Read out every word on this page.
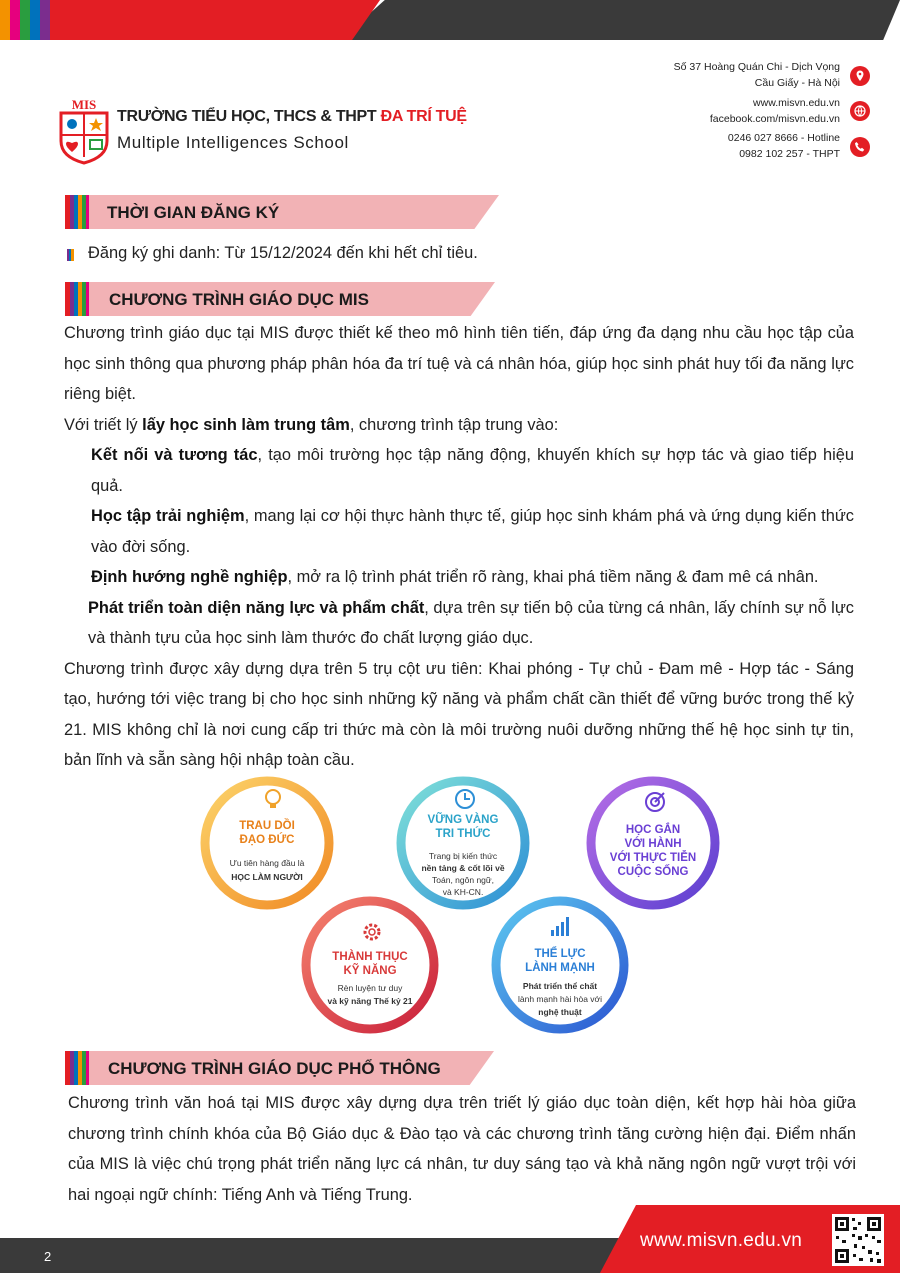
MIS
TRƯỜNG TIỂU HỌC, THCS & THPT ĐA TRÍ TUỆ
Multiple Intelligences School
Số 37 Hoàng Quán Chi - Dịch Vọng
Cầu Giấy - Hà Nội
www.misvn.edu.vn
facebook.com/misvn.edu.vn
0246 027 8666 - Hotline
0982 102 257 - THPT
THỜI GIAN ĐĂNG KÝ
Đăng ký ghi danh: Từ 15/12/2024 đến khi hết chỉ tiêu.
CHƯƠNG TRÌNH GIÁO DỤC MIS

Chương trình giáo dục tại MIS được thiết kế theo mô hình tiên tiến, đáp ứng đa dạng nhu cầu học tập của học sinh thông qua phương pháp phân hóa đa trí tuệ và cá nhân hóa, giúp học sinh phát huy tối đa năng lực riêng biệt.

Với triết lý lấy học sinh làm trung tâm, chương trình tập trung vào:

Kết nối và tương tác, tạo môi trường học tập năng động, khuyến khích sự hợp tác và giao tiếp hiệu quả.

Học tập trải nghiệm, mang lại cơ hội thực hành thực tế, giúp học sinh khám phá và ứng dụng kiến thức vào đời sống.

Định hướng nghề nghiệp, mở ra lộ trình phát triển rõ ràng, khai phá tiềm năng & đam mê cá nhân.

Phát triển toàn diện năng lực và phẩm chất, dựa trên sự tiến bộ của từng cá nhân, lấy chính sự nỗ lực và thành tựu của học sinh làm thước đo chất lượng giáo dục.

Chương trình được xây dựng dựa trên 5 trụ cột ưu tiên: Khai phóng - Tự chủ - Đam mê - Hợp tác - Sáng tạo, hướng tới việc trang bị cho học sinh những kỹ năng và phẩm chất cần thiết để vững bước trong thế kỷ 21. MIS không chỉ là nơi cung cấp tri thức mà còn là môi trường nuôi dưỡng những thế hệ học sinh tự tin, bản lĩnh và sẵn sàng hội nhập toàn cầu.

TRAU DỒI
ĐẠO ĐỨC
Ưu tiên hàng đầu là
HỌC LÀM NGƯỜI
VỮNG VÀNG
TRI THỨC
Trang bị kiến thức
nền tảng & cốt lõi về
Toán, ngôn ngữ,
và KH-CN.
HỌC GẮN
VỚI HÀNH
VỚI THỰC TIỄN
CUỘC SỐNG
THÀNH THỤC
KỸ NĂNG
Rèn luyện tư duy
và kỹ năng Thế kỷ 21
THỂ LỰC
LÀNH MẠNH
Phát triển thể chất
lành mạnh hài hòa với
nghệ thuật
CHƯƠNG TRÌNH GIÁO DỤC PHỔ THÔNG
Chương trình văn hoá tại MIS được xây dựng dựa trên triết lý giáo dục toàn diện, kết hợp hài hòa giữa chương trình chính khóa của Bộ Giáo dục & Đào tạo và các chương trình tăng cường hiện đại. Điểm nhấn của MIS là việc chú trọng phát triển năng lực cá nhân, tư duy sáng tạo và khả năng ngôn ngữ vượt trội với hai ngoại ngữ chính: Tiếng Anh và Tiếng Trung.
2
www.misvn.edu.vn
